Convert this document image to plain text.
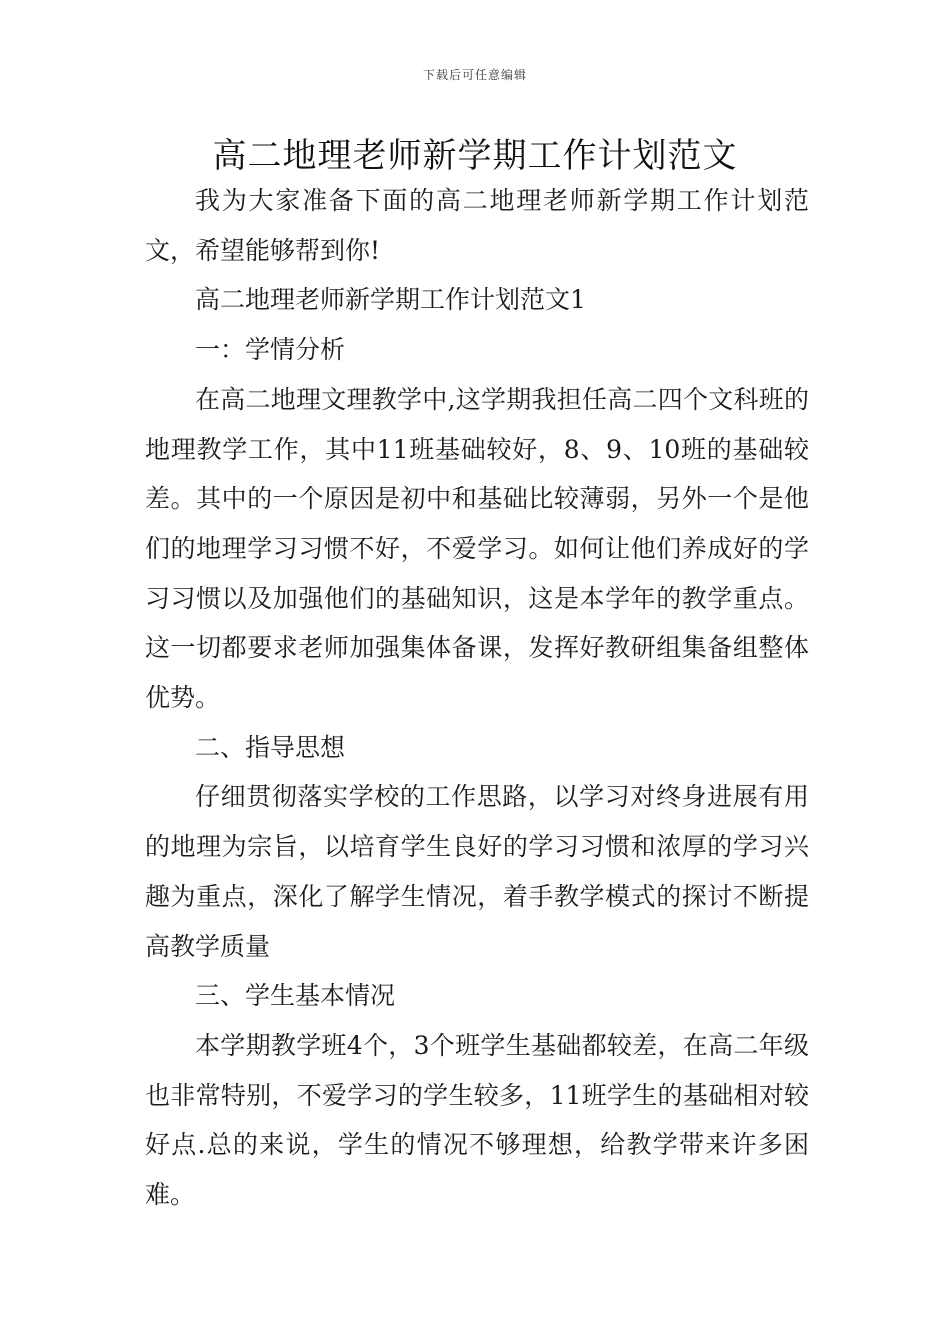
下载后可任意编辑
高二地理老师新学期工作计划范文

我为大家准备下面的高二地理老师新学期工作计划范文，希望能够帮到你!

高二地理老师新学期工作计划范文1

一：学情分析

在高二地理文理教学中,这学期我担任高二四个文科班的地理教学工作，其中11班基础较好，8、9、10班的基础较差。其中的一个原因是初中和基础比较薄弱，另外一个是他们的地理学习习惯不好，不爱学习。如何让他们养成好的学习习惯以及加强他们的基础知识，这是本学年的教学重点。这一切都要求老师加强集体备课，发挥好教研组集备组整体优势。

二、指导思想

仔细贯彻落实学校的工作思路，以学习对终身进展有用的地理为宗旨，以培育学生良好的学习习惯和浓厚的学习兴趣为重点，深化了解学生情况，着手教学模式的探讨不断提高教学质量

三、学生基本情况

本学期教学班4个，3个班学生基础都较差，在高二年级也非常特别，不爱学习的学生较多，11班学生的基础相对较好点.总的来说，学生的情况不够理想，给教学带来许多困难。
